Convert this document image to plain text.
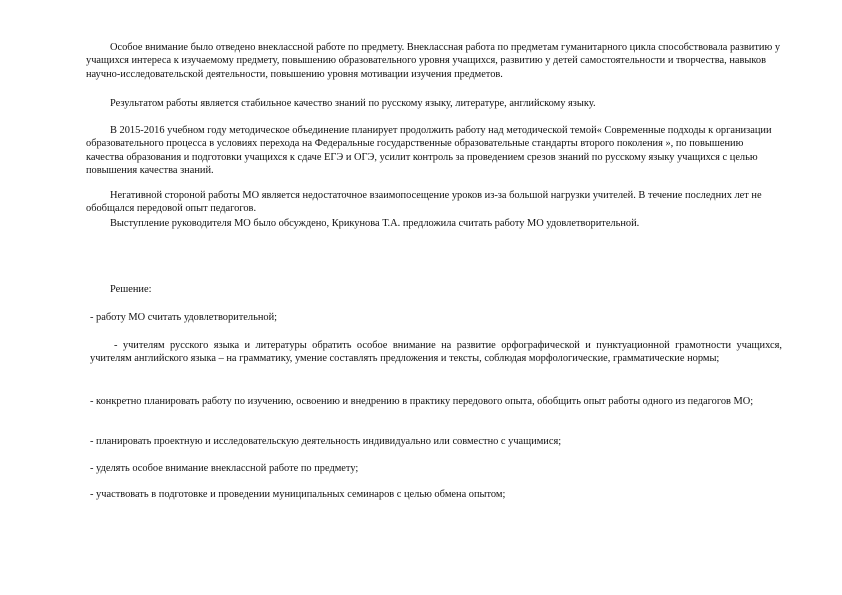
Особое внимание было отведено внеклассной работе по предмету. Внеклассная работа по предметам гуманитарного цикла способствовала развитию у учащихся интереса к изучаемому предмету, повышению образовательного уровня учащихся, развитию у детей самостоятельности и творчества, навыков научно-исследовательской деятельности, повышению уровня мотивации изучения предметов.

Результатом работы является стабильное качество знаний по русскому языку, литературе, английскому языку.

В 2015-2016 учебном году методическое объединение планирует продолжить работу над методической темой« Современные подходы к организации образовательного процесса в условиях перехода на Федеральные государственные образовательные стандарты второго поколения », по повышению качества образования и подготовки учащихся к сдаче ЕГЭ и ОГЭ, усилит контроль за проведением срезов знаний по русскому языку учащихся с целью повышения качества знаний.

Негативной стороной работы МО является недостаточное взаимопосещение уроков из-за большой нагрузки учителей. В течение последних лет не обобщался передовой опыт педагогов.

Выступление руководителя МО было обсуждено, Крикунова Т.А. предложила считать работу МО удовлетворительной.

Решение:

- работу МО считать удовлетворительной;

- учителям русского языка и литературы обратить особое внимание на развитие орфографической и пунктуационной грамотности учащихся, учителям английского языка – на грамматику, умение составлять предложения и тексты, соблюдая морфологические, грамматические нормы;

- конкретно планировать работу по изучению, освоению и внедрению в практику передового опыта, обобщить опыт работы одного из педагогов МО;

- планировать проектную и исследовательскую деятельность индивидуально или совместно с учащимися;

- уделять особое внимание внеклассной работе по предмету;

- участвовать в подготовке и проведении муниципальных семинаров с целью обмена опытом;
